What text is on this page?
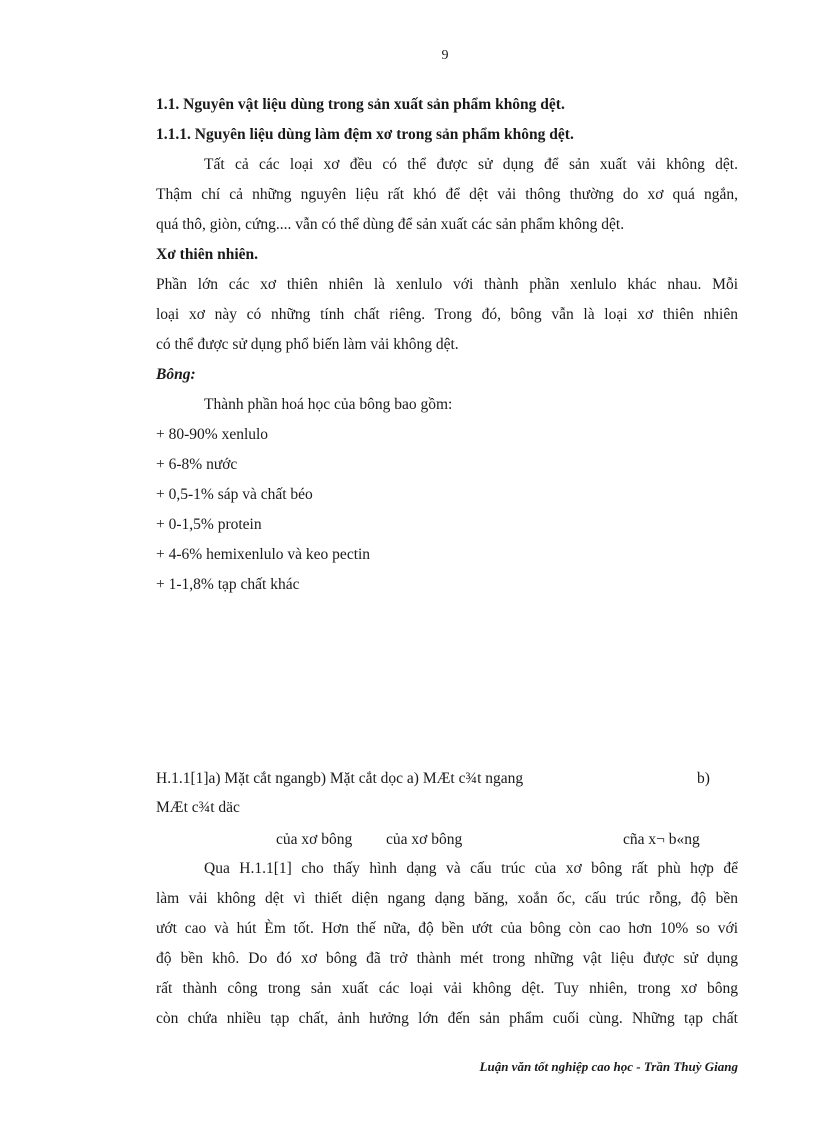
9
1.1. Nguyên vật liệu dùng trong sản xuất sản phẩm không dệt.
1.1.1. Nguyên liệu dùng làm đệm xơ trong sản phẩm không dệt.
Tất cả các loại xơ đều có thể được sử dụng để sản xuất vải không dệt.
Thậm chí cả những nguyên liệu rất khó để dệt vải thông thường do xơ quá ngắn,
quá thô, giòn, cứng.... vẫn có thể dùng để sản xuất các sản phẩm không dệt.
Xơ thiên nhiên.
Phần lớn các xơ thiên nhiên là xenlulo với thành phần xenlulo khác nhau. Mỗi
loại xơ này có những tính chất riêng. Trong đó, bông vẫn là loại xơ thiên nhiên
có thể được sử dụng phổ biến làm vải không dệt.
Bông:
Thành phần hoá học của bông bao gồm:
+ 80-90% xenlulo
+ 6-8% nước
+ 0,5-1% sáp và chất béo
+ 0-1,5% protein
+ 4-6% hemixenlulo và keo pectin
+ 1-1,8% tạp chất khác
H.1.1[1]a) Mặt cắt ngangb) Mặt cắt dọc a) MÆt c¾t ngang	b)
MÆt c¾t däc
của xơ bông của xơ bông	cña x¬ b«ng
Qua H.1.1[1] cho thấy hình dạng và cấu trúc của xơ bông rất phù hợp để
làm vải không dệt vì thiết diện ngang dạng băng, xoắn ốc, cấu trúc rỗng, độ bền
ướt cao và hút Èm tốt. Hơn thế nữa, độ bền ướt của bông còn cao hơn 10% so với
độ bền khô. Do đó xơ bông đã trở thành mét trong những vật liệu được sử dụng
rất thành công trong sản xuất các loại vải không dệt. Tuy nhiên, trong xơ bông
còn chứa nhiều tạp chất, ảnh hưởng lớn đến sản phẩm cuối cùng. Những tạp chất
Luận văn tốt nghiệp cao học - Trần Thuỳ Giang
